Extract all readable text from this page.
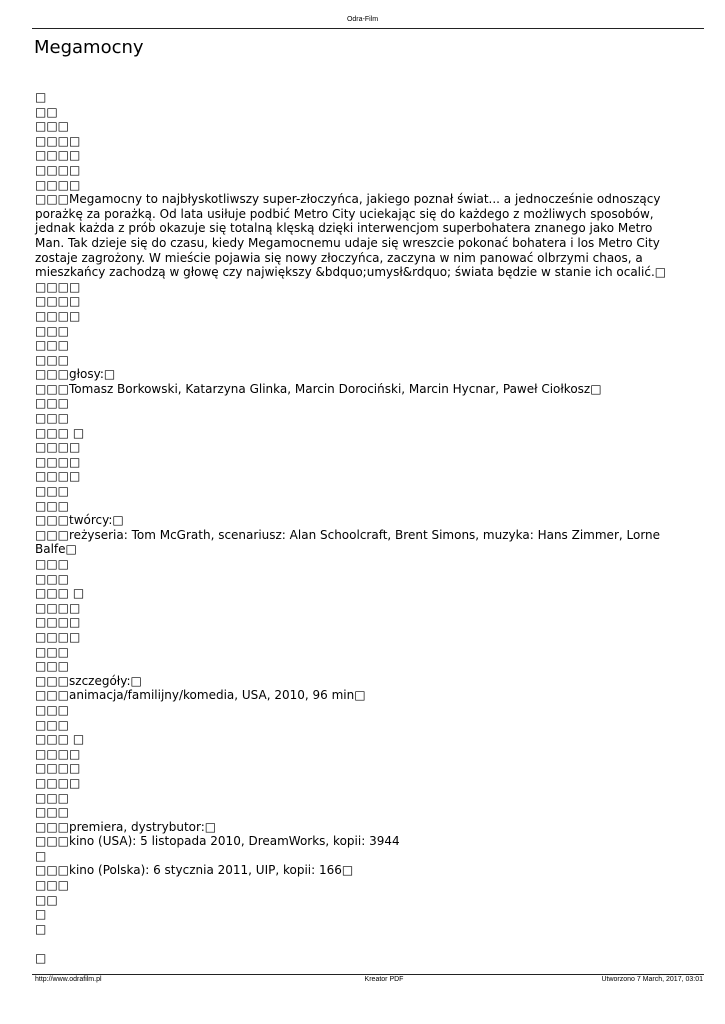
Odra-Film
Megamocny
□
□□
□□□
□□□□
□□□□
□□□□
□□□□

□□□Megamocny to najbłyskotliwszy super-złoczyńca, jakiego poznał świat... a jednocześnie odnoszący porażkę za porażką. Od lata usiłuje podbić Metro City uciekając się do każdego z możliwych sposobów, jednak każda z prób okazuje się totalną klęską dzięki interwencjom superbohatera znanego jako Metro Man. Tak dzieje się do czasu, kiedy Megamocnemu udaje się wreszcie pokonać bohatera i los Metro City zostaje zagrożony. W mieście pojawia się nowy złoczyńca, zaczyna w nim panować olbrzymi chaos, a mieszkańcy zachodzą w głowę czy największy &bdquo;umysł&rdquo; świata będzie w stanie ich ocalić.□

□□□□
□□□□
□□□□
□□□
□□□
□□□
□□□głosy:□
□□□Tomasz Borkowski, Katarzyna Glinka, Marcin Dorociński, Marcin Hycnar, Paweł Ciołkosz□
□□□
□□□
□□□ □
□□□□
□□□□
□□□□
□□□
□□□
□□□twórcy:□
□□□reżyseria: Tom McGrath, scenariusz: Alan Schoolcraft, Brent Simons, muzyka: Hans Zimmer, Lorne Balfe□
□□□
□□□
□□□ □
□□□□
□□□□
□□□□
□□□
□□□
□□□szczegóły:□
□□□animacja/familijny/komedia, USA, 2010, 96 min□
□□□
□□□
□□□ □
□□□□
□□□□
□□□□
□□□
□□□
□□□premiera, dystrybutor:□
□□□kino (USA): 5 listopada 2010, DreamWorks, kopii: 3944
□
□□□kino (Polska): 6 stycznia 2011, UIP, kopii: 166□
□□□
□□
□
□

□
http://www.odrafilm.pl	Kreator PDF	Utworzono 7 March, 2017, 03:01
